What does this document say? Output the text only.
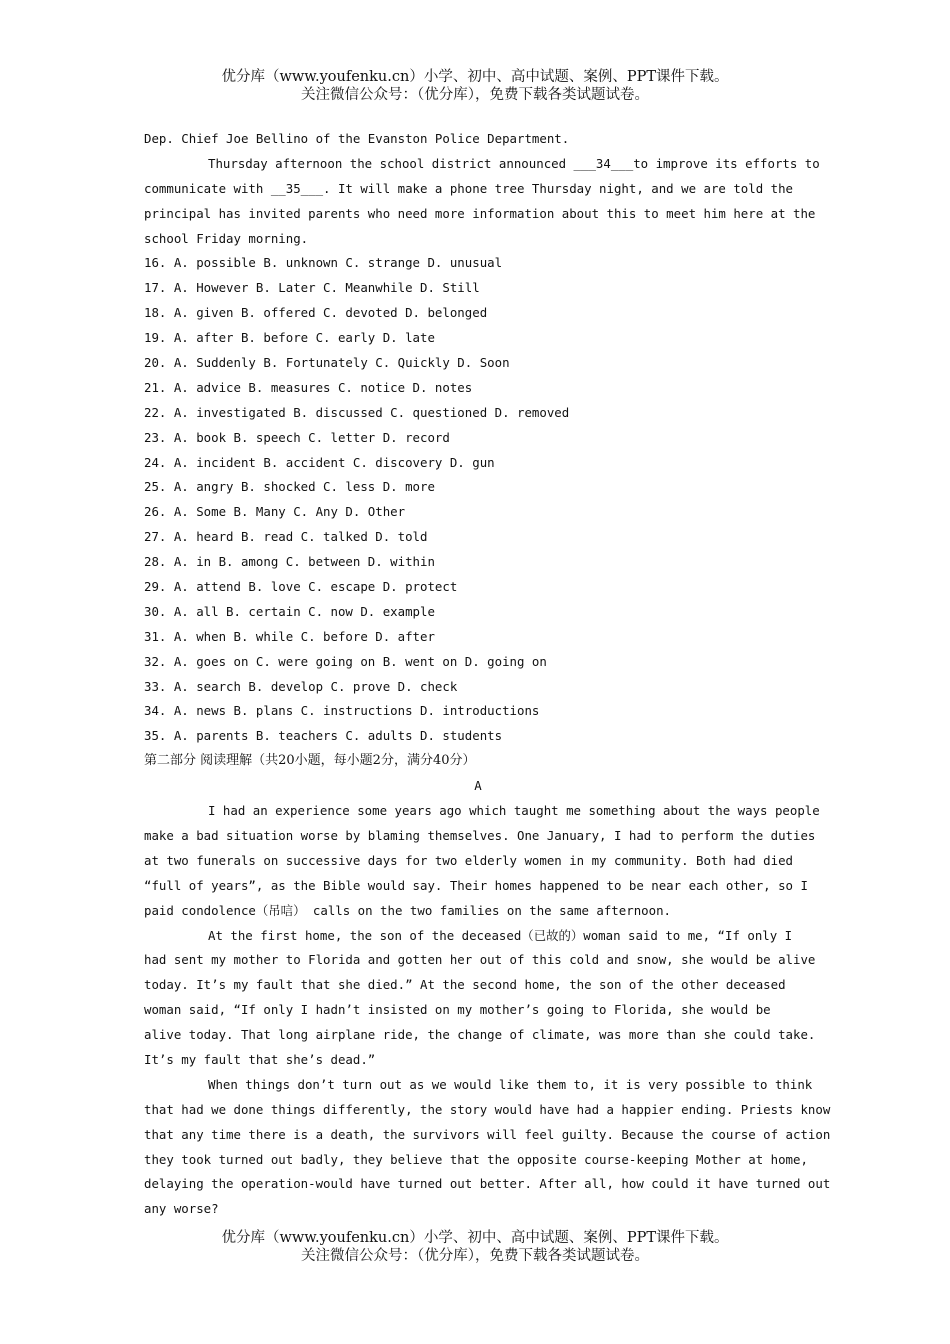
优分库（www.youfenku.cn）小学、初中、高中试题、案例、PPT课件下载。
关注微信公众号：（优分库），免费下载各类试题试卷。
Dep. Chief Joe Bellino of the Evanston Police Department.
Thursday afternoon the school district announced ___34___to improve its efforts to
communicate with __35___. It will make a phone tree Thursday night, and we are told the
principal has invited parents who need more information about this to meet him here at the
school Friday morning.
16. A. possible B. unknown C. strange D. unusual
17. A. However B. Later C. Meanwhile D. Still
18. A. given B. offered C. devoted D. belonged
19. A. after B. before C. early D. late
20. A. Suddenly B. Fortunately C. Quickly D. Soon
21. A. advice B. measures C. notice D. notes
22. A. investigated B. discussed C. questioned D. removed
23. A. book B. speech C. letter D. record
24. A. incident B. accident C. discovery D. gun
25. A. angry B. shocked C. less D. more
26. A. Some B. Many C. Any D. Other
27. A. heard B. read C. talked D. told
28. A. in B. among C. between D. within
29. A. attend B. love C. escape D. protect
30. A. all B. certain C. now D. example
31. A. when B. while C. before D. after
32. A. goes on C. were going on B. went on D. going on
33. A. search B. develop C. prove D. check
34. A. news B. plans C. instructions D. introductions
35. A. parents B. teachers C. adults D. students
第二部分 阅读理解（共20小题，每小题2分，满分40分）
A
I had an experience some years ago which taught me something about the ways people
make a bad situation worse by blaming themselves. One January, I had to perform the duties
at two funerals on successive days for two elderly women in my community. Both had died
“full of years”, as the Bible would say. Their homes happened to be near each other, so I
paid condolence（吊唁） calls on the two families on the same afternoon.
At the first home, the son of the deceased（已故的）woman said to me, “If only I
had sent my mother to Florida and gotten her out of this cold and snow, she would be alive
today. It’s my fault that she died.” At the second home, the son of the other deceased
woman said, “If only I hadn’t insisted on my mother’s going to Florida, she would be
alive today. That long airplane ride, the change of climate, was more than she could take.
It’s my fault that she’s dead.”
When things don’t turn out as we would like them to, it is very possible to think
that had we done things differently, the story would have had a happier ending. Priests know
that any time there is a death, the survivors will feel guilty. Because the course of action
they took turned out badly, they believe that the opposite course-keeping Mother at home,
delaying the operation-would have turned out better. After all, how could it have turned out
any worse?
优分库（www.youfenku.cn）小学、初中、高中试题、案例、PPT课件下载。
关注微信公众号：（优分库），免费下载各类试题试卷。
